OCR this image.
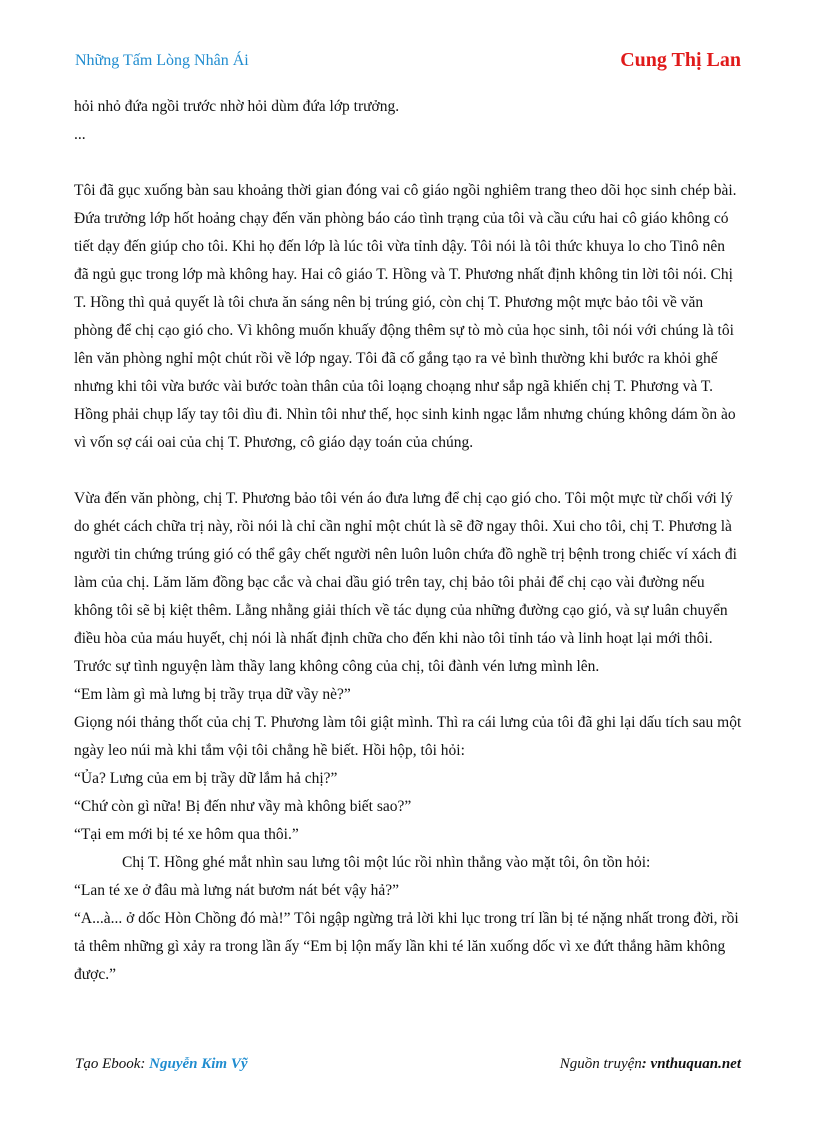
Những Tấm Lòng Nhân Ái	Cung Thị Lan

hỏi nhỏ đứa ngồi trước nhờ hỏi dùm đứa lớp trưởng.

...

Tôi đã gục xuống bàn sau khoảng thời gian đóng vai cô giáo ngồi nghiêm trang theo dõi học sinh chép bài. Đứa trưởng lớp hốt hoảng chạy đến văn phòng báo cáo tình trạng của tôi và cầu cứu hai cô giáo không có tiết dạy đến giúp cho tôi. Khi họ đến lớp là lúc tôi vừa tỉnh dậy. Tôi nói là tôi thức khuya lo cho Tinô nên đã ngủ gục trong lớp mà không hay. Hai cô giáo T. Hồng và T. Phương nhất định không tin lời tôi nói. Chị T. Hồng thì quả quyết là tôi chưa ăn sáng nên bị trúng gió, còn chị T. Phương một mực bảo tôi về văn phòng để chị cạo gió cho. Vì không muốn khuấy động thêm sự tò mò của học sinh, tôi nói với chúng là tôi lên văn phòng nghỉ một chút rồi về lớp ngay. Tôi đã cố gắng tạo ra vẻ bình thường khi bước ra khỏi ghế nhưng khi tôi vừa bước vài bước toàn thân của tôi loạng choạng như sắp ngã khiến chị T. Phương và T. Hồng phải chụp lấy tay tôi dìu đi. Nhìn tôi như thế, học sinh kinh ngạc lắm nhưng chúng không dám ồn ào vì vốn sợ cái oai của chị T. Phương, cô giáo dạy toán của chúng.

Vừa đến văn phòng, chị T. Phương bảo tôi vén áo đưa lưng để chị cạo gió cho. Tôi một mực từ chối với lý do ghét cách chữa trị này, rồi nói là chỉ cần nghỉ một chút là sẽ đỡ ngay thôi. Xui cho tôi, chị T. Phương là người tin chứng trúng gió có thể gây chết người nên luôn luôn chứa đồ nghề trị bệnh trong chiếc ví xách đi làm của chị. Lăm lăm đồng bạc cắc và chai dầu gió trên tay, chị bảo tôi phải để chị cạo vài đường nếu không tôi sẽ bị kiệt thêm. Lằng nhằng giải thích về tác dụng của những đường cạo gió, và sự luân chuyển điều hòa của máu huyết, chị nói là nhất định chữa cho đến khi nào tôi tỉnh táo và linh hoạt lại mới thôi. Trước sự tình nguyện làm thầy lang không công của chị, tôi đành vén lưng mình lên.

“Em làm gì mà lưng bị trầy trụa dữ vầy nè?”

Giọng nói thảng thốt của chị T. Phương làm tôi giật mình. Thì ra cái lưng của tôi đã ghi lại dấu tích sau một ngày leo núi mà khi tắm vội tôi chẳng hề biết. Hồi hộp, tôi hỏi:

“Ủa? Lưng của em bị trầy dữ lắm hả chị?”

“Chứ còn gì nữa! Bị đến như vầy mà không biết sao?”

“Tại em mới bị té xe hôm qua thôi.”

Chị T. Hồng ghé mắt nhìn sau lưng tôi một lúc rồi nhìn thẳng vào mặt tôi, ôn tồn hỏi:

“Lan té xe ở đâu mà lưng nát bươm nát bét vậy hả?”

“A...à... ở dốc Hòn Chồng đó mà!” Tôi ngập ngừng trả lời khi lục trong trí lần bị té nặng nhất trong đời, rồi tả thêm những gì xảy ra trong lần ấy “Em bị lộn mấy lần khi té lăn xuống dốc vì xe đứt thắng hãm không được.”

Tạo Ebook: Nguyễn Kim Vỹ	Nguồn truyện: vnthuquan.net
